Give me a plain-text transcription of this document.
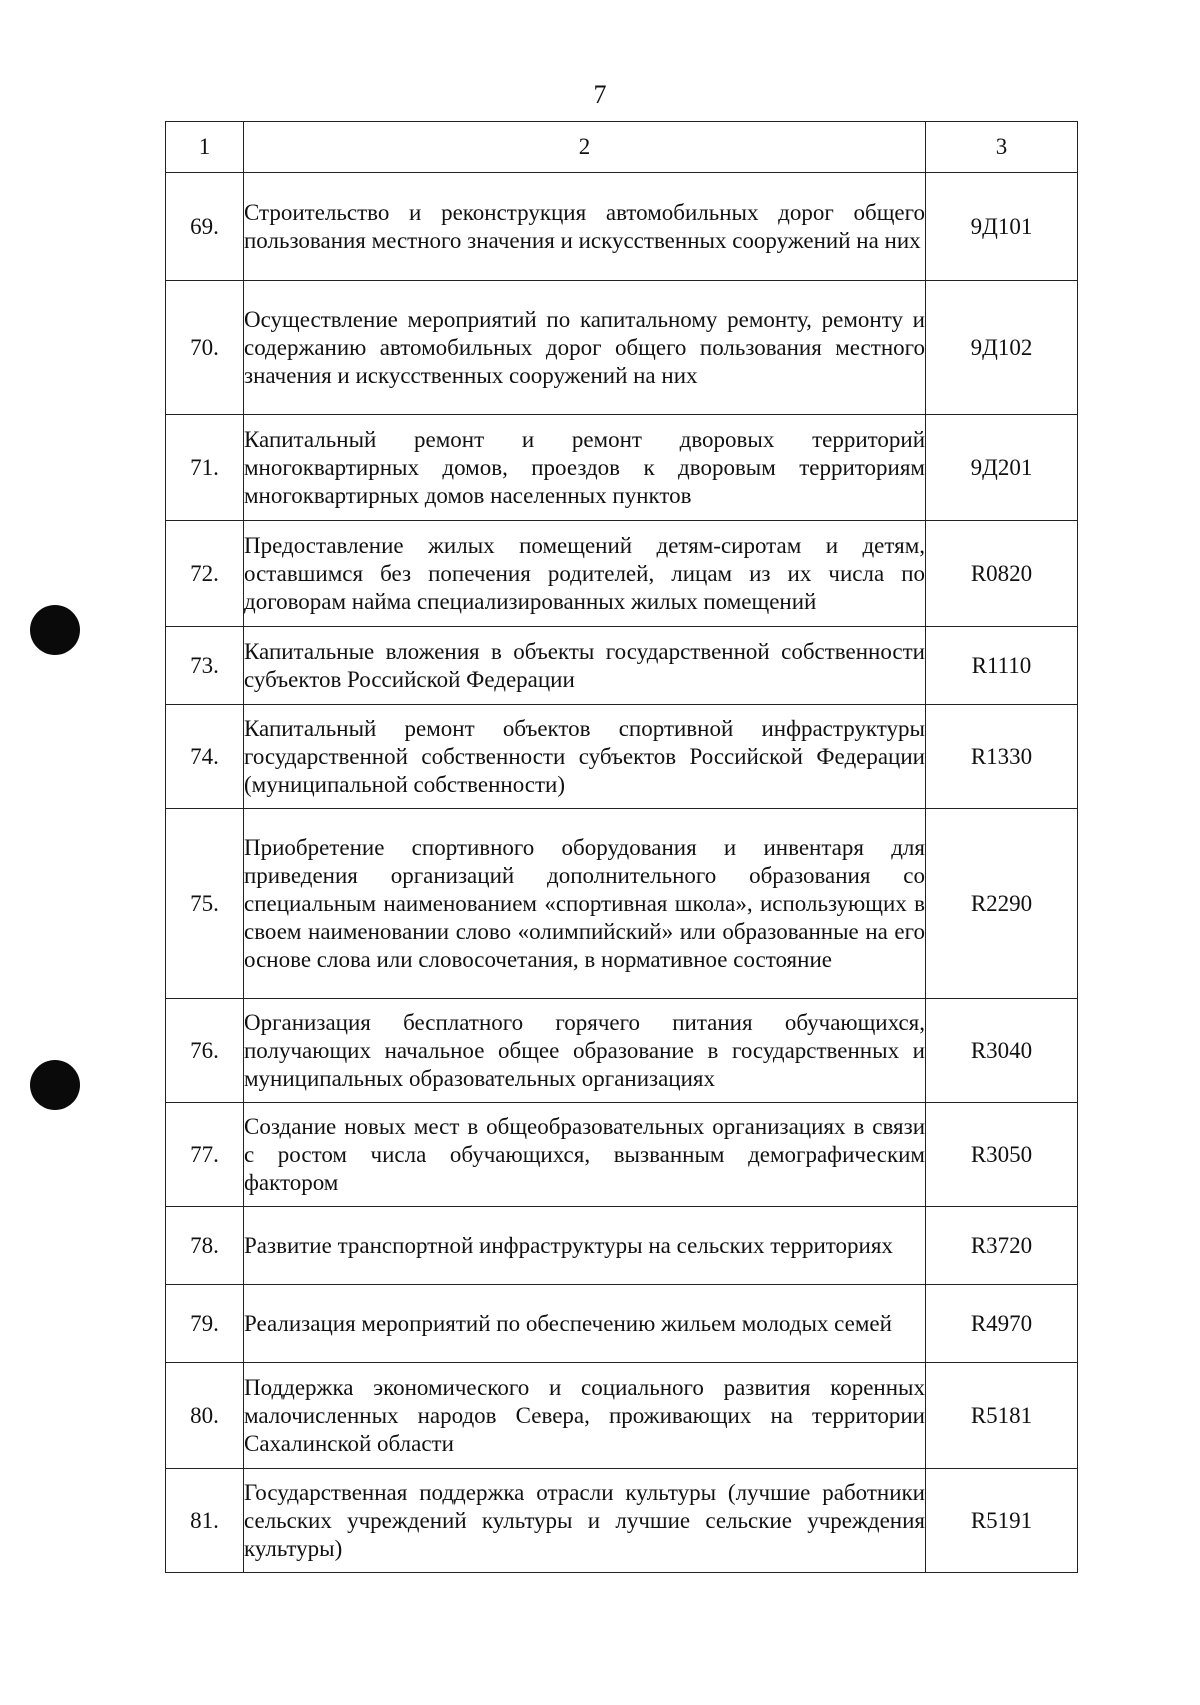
7
1	2	3
69.	Строительство и реконструкция автомобильных дорог общего пользования местного значения и искусственных сооружений на них	9Д101
70.	Осуществление мероприятий по капитальному ремонту, ремонту и содержанию автомобильных дорог общего пользования местного значения и искусственных сооружений на них	9Д102
71.	Капитальный ремонт и ремонт дворовых территорий многоквартирных домов, проездов к дворовым территориям многоквартирных домов населенных пунктов	9Д201
72.	Предоставление жилых помещений детям-сиротам и детям, оставшимся без попечения родителей, лицам из их числа по договорам найма специализированных жилых помещений	R0820
73.	Капитальные вложения в объекты государственной собственности субъектов Российской Федерации	R1110
74.	Капитальный ремонт объектов спортивной инфраструктуры государственной собственности субъектов Российской Федерации (муниципальной собственности)	R1330
75.	Приобретение спортивного оборудования и инвентаря для приведения организаций дополнительного образования со специальным наименованием «спортивная школа», использующих в своем наименовании слово «олимпийский» или образованные на его основе слова или словосочетания, в нормативное состояние	R2290
76.	Организация бесплатного горячего питания обучающихся, получающих начальное общее образование в государственных и муниципальных образовательных организациях	R3040
77.	Создание новых мест в общеобразовательных организациях в связи с ростом числа обучающихся, вызванным демографическим фактором	R3050
78.	Развитие транспортной инфраструктуры на сельских территориях	R3720
79.	Реализация мероприятий по обеспечению жильем молодых семей	R4970
80.	Поддержка экономического и социального развития коренных малочисленных народов Севера, проживающих на территории Сахалинской области	R5181
81.	Государственная поддержка отрасли культуры (лучшие работники сельских учреждений культуры и лучшие сельские учреждения культуры)	R5191
